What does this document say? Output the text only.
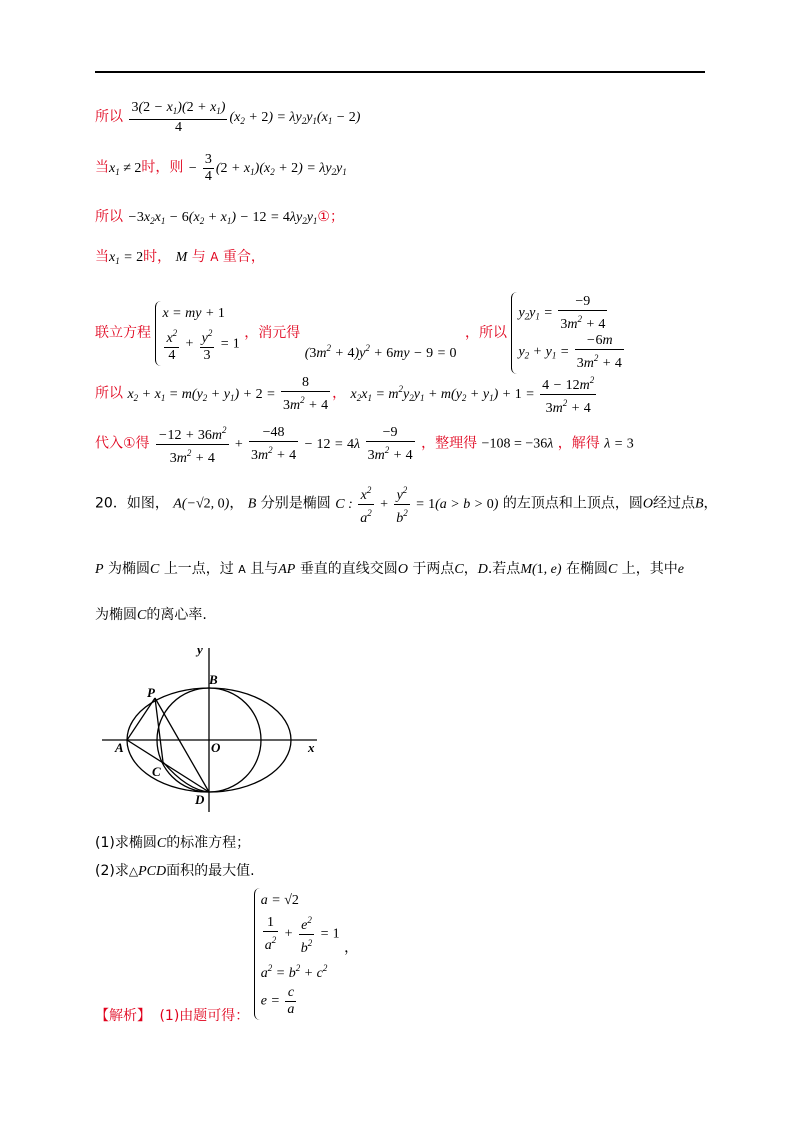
所以 $\frac{3(2 - x_1)(2 + x_1)}{4} (x_2 + 2) = \lambda y_2y_1(x_1 - 2)$
当$x_1 \ne 2$时，则 − $\frac{3}{4} (2 + x_1)(x_2 + 2) = \lambda y_2y_1$
所以 $-3x_2x_1 - 6(x_2 + x_1) - 12$ = $4\lambda y_2y_1①$；
当$x_1 = 2$时， M 与 A 重合，
联立方程
x = my + 1
$\frac{x^2}{4} + \frac{y^2}{3} = 1$
，消元得 $(3m^2 + 4)y^2 + 6my - 9 = 0$ ，所以
$y_2y_1 = \frac{-9}{3m^2 + 4}$
$y_2 + y_1 = \frac{-6m}{3m^2 + 4}$
所以 $x_2 + x_1 = m(y_2 + y_1) + 2 = \frac{8}{3m^2 + 4}$ ， $x_2x_1 = m^2y_2y_1 + m(y_2 + y_1) + 1 = \frac{4 - 12m^2}{3m^2 + 4}$
代入①得 $\frac{-12 + 36m^2}{3m^2 + 4} + \frac{-48}{3m^2 + 4} - 12 = 4\lambda \frac{-9}{3m^2 + 4}$ ，整理得 −108 = −36λ ，解得 λ = 3
20．如图， A(−√2, 0)， B 分别是椭圆 C : $\frac{x^2}{a^2} + \frac{y^2}{b^2} = 1(a > b > 0)$ 的左顶点和上顶点，圆O经过点B，
P 为椭圆C 上一点，过 A 且与AP 垂直的直线交圆O 于两点C，D.若点M(1, e) 在椭圆C 上，其中e
为椭圆C的离心率.
y
x
A
B
C
D
O
P
(1)求椭圆C的标准方程；
(2)求△PCD面积的最大值.
【解析】 (1)由题可得：
a = √2
$\frac{1}{a^2} + \frac{e^2}{b^2} = 1$
$a^2 = b^2 + c^2$
$e = \frac{c}{a}$
，
